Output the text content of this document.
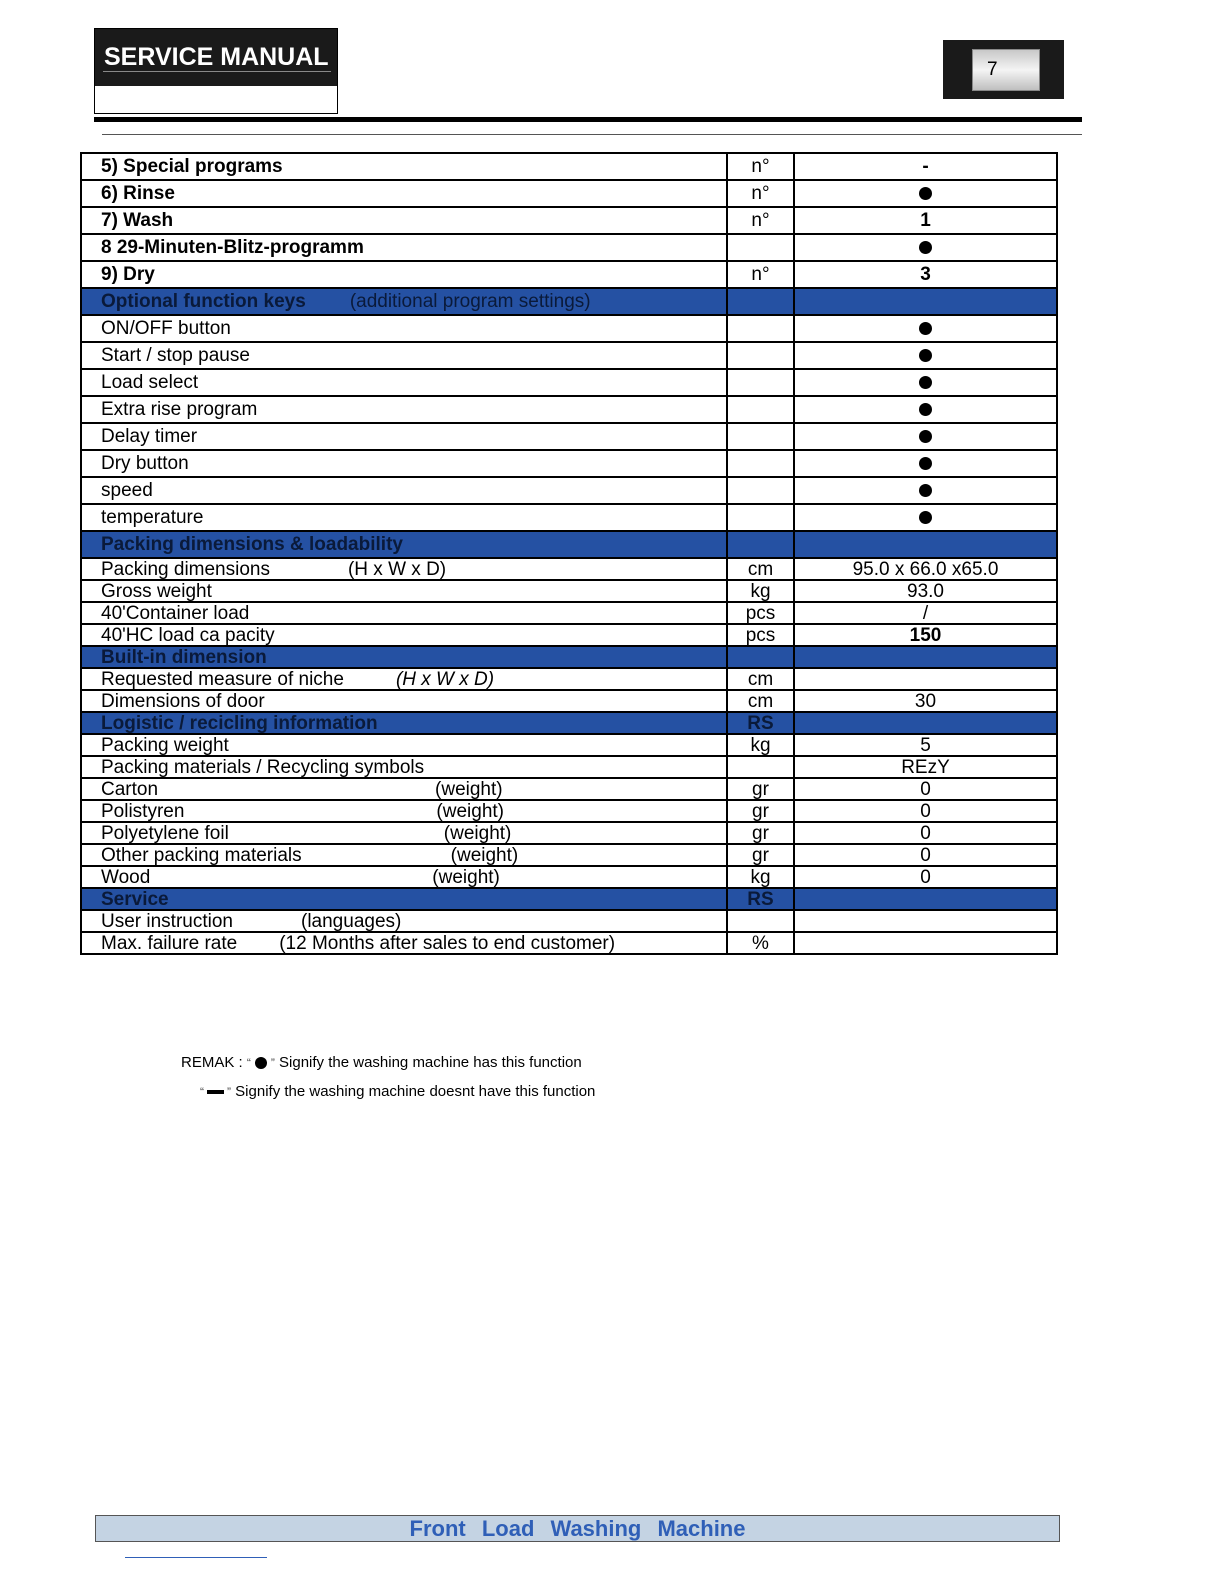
SERVICE MANUAL	7
5) Special programs	n°	-
6) Rinse	n°	
7) Wash	n°	1
8 29-Minuten-Blitz-programm		
9) Dry	n°	3
Optional function keys (additional program settings)		
ON/OFF button		
Start / stop pause		
Load select		
Extra rise program		
Delay timer		
Dry button		
speed		
temperature		
Packing dimensions & loadability		
Packing dimensions (H x W x D)	cm	95.0 x 66.0 x65.0
Gross weight	kg	93.0
40'Container load	pcs	/
40'HC load ca pacity	pcs	150
Built-in dimension		
Requested measure of niche (H x W x D)	cm	
Dimensions of door	cm	30
Logistic / recicling information	RS	
Packing weight	kg	5
Packing materials / Recycling symbols		REzY
Carton (weight)	gr	0
Polistyren (weight)	gr	0
Polyetylene foil (weight)	gr	0
Other packing materials (weight)	gr	0
Wood (weight)	kg	0
Service	RS	
User instruction (languages)		
Max. failure rate (12 Months after sales to end customer)	%	
REMAK : “ ” Signify the washing machine has this function
“ ” Signify the washing machine doesnt have this function
Front Load Washing Machine
